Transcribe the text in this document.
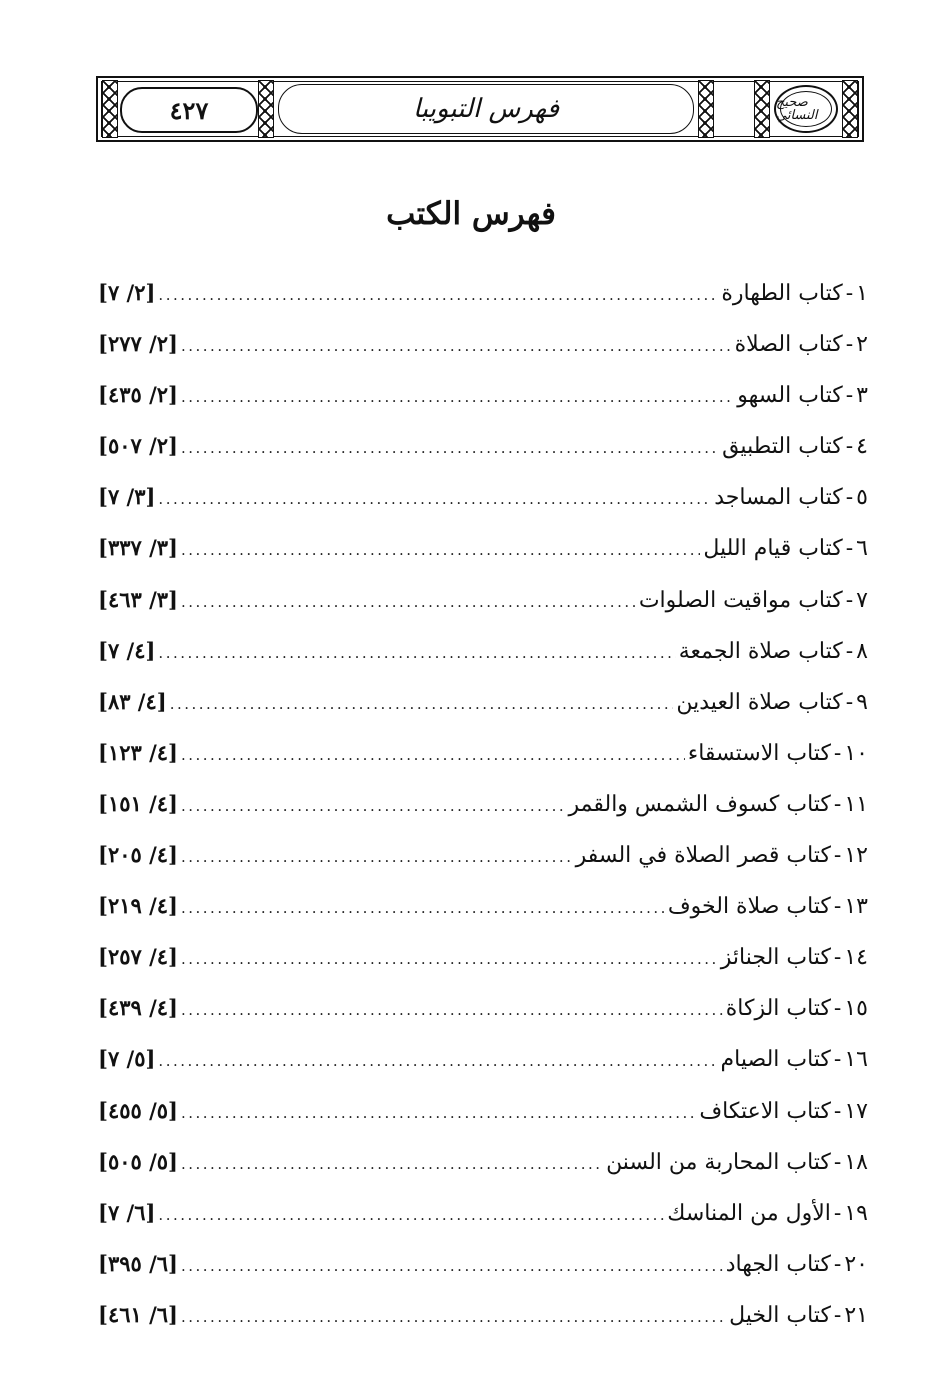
٤٢٧	فهرس التبويبا	صحيح النسائي
فهرس الكتب
١
-
كتاب الطهارة
.....
[٢/ ٧]
٢
-
كتاب الصلاة
.....
[٢/ ٢٧٧]
٣
-
كتاب السهو
.....
[٢/ ٤٣٥]
٤
-
كتاب التطبيق
.....
[٢/ ٥٠٧]
٥
-
كتاب المساجد
.....
[٣/ ٧]
٦
-
كتاب قيام الليل
.....
[٣/ ٣٣٧]
٧
-
كتاب مواقيت الصلوات
.....
[٣/ ٤٦٣]
٨
-
كتاب صلاة الجمعة
.....
[٤/ ٧]
٩
-
كتاب صلاة العيدين
.....
[٤/ ٨٣]
١٠
-
كتاب الاستسقاء
.....
[٤/ ١٢٣]
١١
-
كتاب كسوف الشمس والقمر
.....
[٤/ ١٥١]
١٢
-
كتاب قصر الصلاة في السفر
.....
[٤/ ٢٠٥]
١٣
-
كتاب صلاة الخوف
.....
[٤/ ٢١٩]
١٤
-
كتاب الجنائز
.....
[٤/ ٢٥٧]
١٥
-
كتاب الزكاة
.....
[٤/ ٤٣٩]
١٦
-
كتاب الصيام
.....
[٥/ ٧]
١٧
-
كتاب الاعتكاف
.....
[٥/ ٤٥٥]
١٨
-
كتاب المحاربة من السنن
.....
[٥/ ٥٠٥]
١٩
-
الأول من المناسك
.....
[٦/ ٧]
٢٠
-
كتاب الجهاد
.....
[٦/ ٣٩٥]
٢١
-
كتاب الخيل
.....
[٦/ ٤٦١]
